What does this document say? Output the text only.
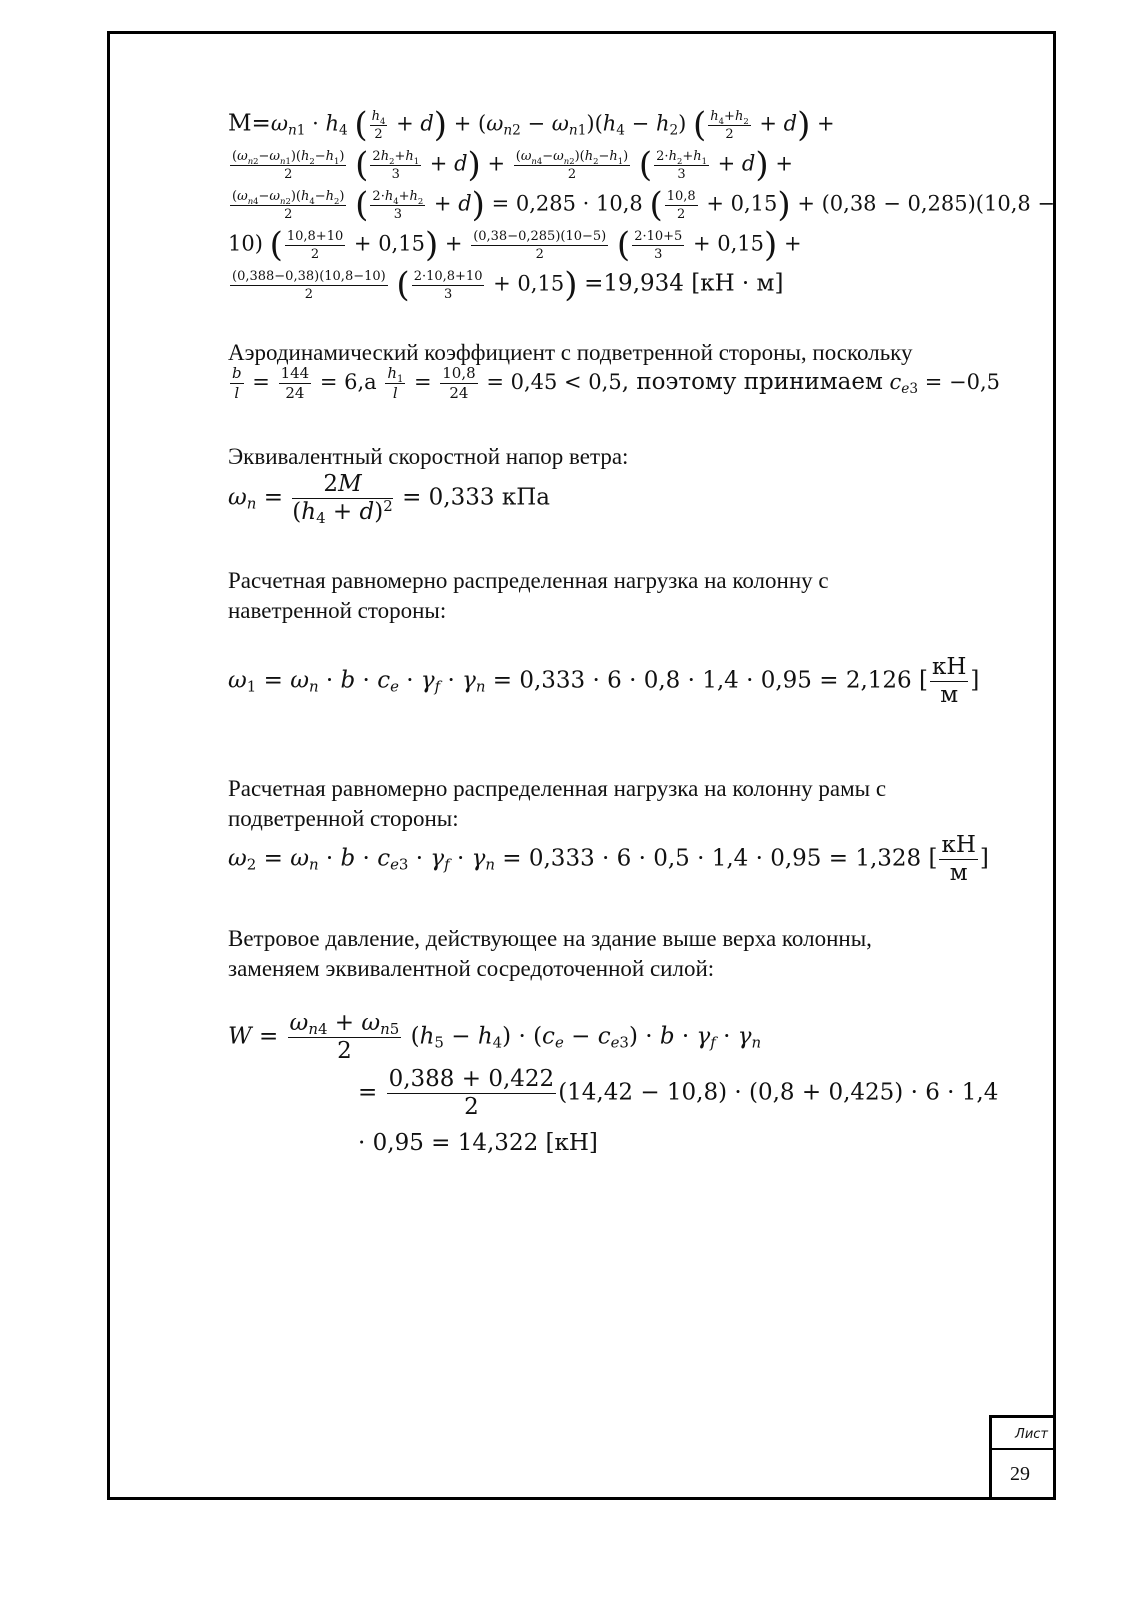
$M=\omega_{n1} \cdot h_4$ ( $\frac{h_4}{2} + d) + (\omega_{n2} - \omega_{n1})(h_4 - h_2)$ ( $\frac{h_4+h_2}{2} + d$) +
$\frac{(\omega_{n2}-\omega_{n1})(h_2-h_1)}{2}$ ( $\frac{2h_2+h_1}{3} + d) + \frac{(\omega_{n4}-\omega_{n2})(h_2-h_1)}{2}$ ( $\frac{2\cdot h_2+h_1}{3} + d$) +
$\frac{(\omega_{n4}-\omega_{n2})(h_4-h_2)}{2}$ ( $\frac{2\cdot h_4+h_2}{3} + d) = 0,285 \cdot 10,8$ ( $\frac{10,8}{2} + 0,15) + (0,38 - 0,285)(10,8$ −
10) ( $\frac{10,8+10}{2} + 0,15) + \frac{(0,38-0,285)(10-5)}{2}$ ( $\frac{2\cdot 10+5}{3} + 0,15$) +
$\frac{(0,388-0,38)(10,8-10)}{2}$ ( $\frac{2\cdot 10,8+10}{3} + 0,15) =19,934$ [кН · м]
Аэродинамический коэффициент с подветренной стороны, поскольку
$\frac{b}{l} = \frac{144}{24} = 6,а \frac{h_1}{l} = \frac{10,8}{24} = 0,45 < 0,5$, поэтому принимаем $c_{e3} = -0,5$
Эквивалентный скоростной напор ветра:
$\omega_n = \frac{2M}{(h_4 + d)^2} = 0,333$ кПа
Расчетная равномерно распределенная нагрузка на колонну с
наветренной стороны:
$\omega_1 = \omega_n \cdot b \cdot c_e \cdot \gamma_f \cdot \gamma_n = 0,333 \cdot 6 \cdot 0,8 \cdot 1,4 \cdot 0,95 = 2,126$ [ $\frac{кН}{м}$ ]
Расчетная равномерно распределенная нагрузка на колонну рамы с
подветренной стороны:
$\omega_2 = \omega_n \cdot b \cdot c_{e3} \cdot \gamma_f \cdot \gamma_n = 0,333 \cdot 6 \cdot 0,5 \cdot 1,4 \cdot 0,95 = 1,328$ [ $\frac{кН}{м}$ ]
Ветровое давление, действующее на здание выше верха колонны,
заменяем эквивалентной сосредоточенной силой:
$W = \frac{\omega_{n4} + \omega_{n5}}{2} (h_5 - h_4) \cdot (c_e - c_{e3}) \cdot b \cdot \gamma_f \cdot \gamma_n$
= $\frac{0,388 + 0,422}{2} (14,42 - 10,8) \cdot (0,8 + 0,425) \cdot 6 \cdot 1,4$
· 0,95 = 14,322 [кН]
Лист
29
